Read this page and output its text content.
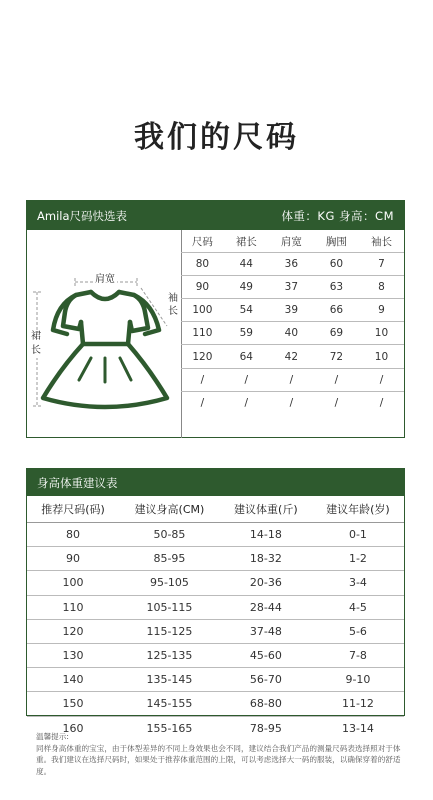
我们的尺码
Amila尺码快选表	体重：KG 身高：CM
肩宽
袖长
裙长
尺码	裙长	肩宽	胸围	袖长
80	44	36	60	7
90	49	37	63	8
100	54	39	66	9
110	59	40	69	10
120	64	42	72	10
/	/	/	/	/
/	/	/	/	/
身高体重建议表
推荐尺码(码)	建议身高(CM)	建议体重(斤)	建议年龄(岁)
80	50-85	14-18	0-1
90	85-95	18-32	1-2
100	95-105	20-36	3-4
110	105-115	28-44	4-5
120	115-125	37-48	5-6
130	125-135	45-60	7-8
140	135-145	56-70	9-10
150	145-155	68-80	11-12
160	155-165	78-95	13-14
温馨提示:
同样身高体重的宝宝，由于体型差异的不同上身效果也会不同，建议结合我们产品的测量尺码表选择照对于体重。我们建议在选择尺码时，如果处于推荐体重范围的上限，可以考虑选择大一码的服装，以确保穿着的舒适度。
